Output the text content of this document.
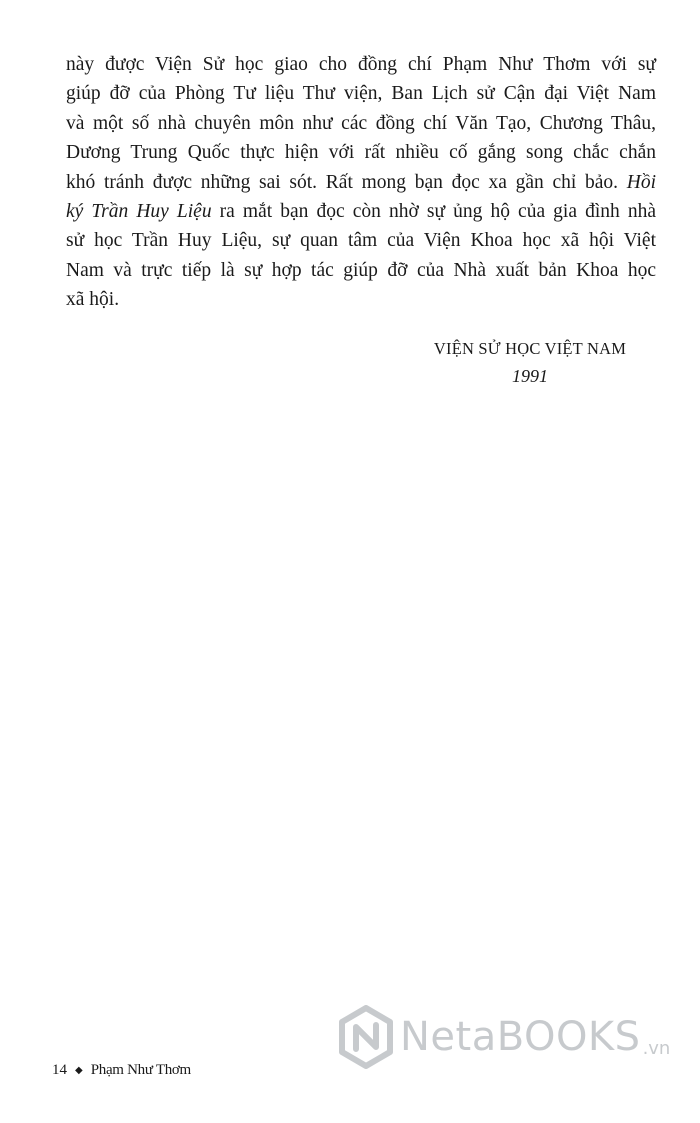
này được Viện Sử học giao cho đồng chí Phạm Như Thơm với sự
giúp đỡ của Phòng Tư liệu Thư viện, Ban Lịch sử Cận đại Việt Nam
và một số nhà chuyên môn như các đồng chí Văn Tạo, Chương Thâu,
Dương Trung Quốc thực hiện với rất nhiều cố gắng song chắc chắn
khó tránh được những sai sót. Rất mong bạn đọc xa gần chỉ bảo. Hồi
ký Trần Huy Liệu ra mắt bạn đọc còn nhờ sự ủng hộ của gia đình nhà
sử học Trần Huy Liệu, sự quan tâm của Viện Khoa học xã hội Việt
Nam và trực tiếp là sự hợp tác giúp đỡ của Nhà xuất bản Khoa học
xã hội.
VIỆN SỬ HỌC VIỆT NAM
1991
14 ◆ Phạm Như Thơm
NetaBOOKS .vn
